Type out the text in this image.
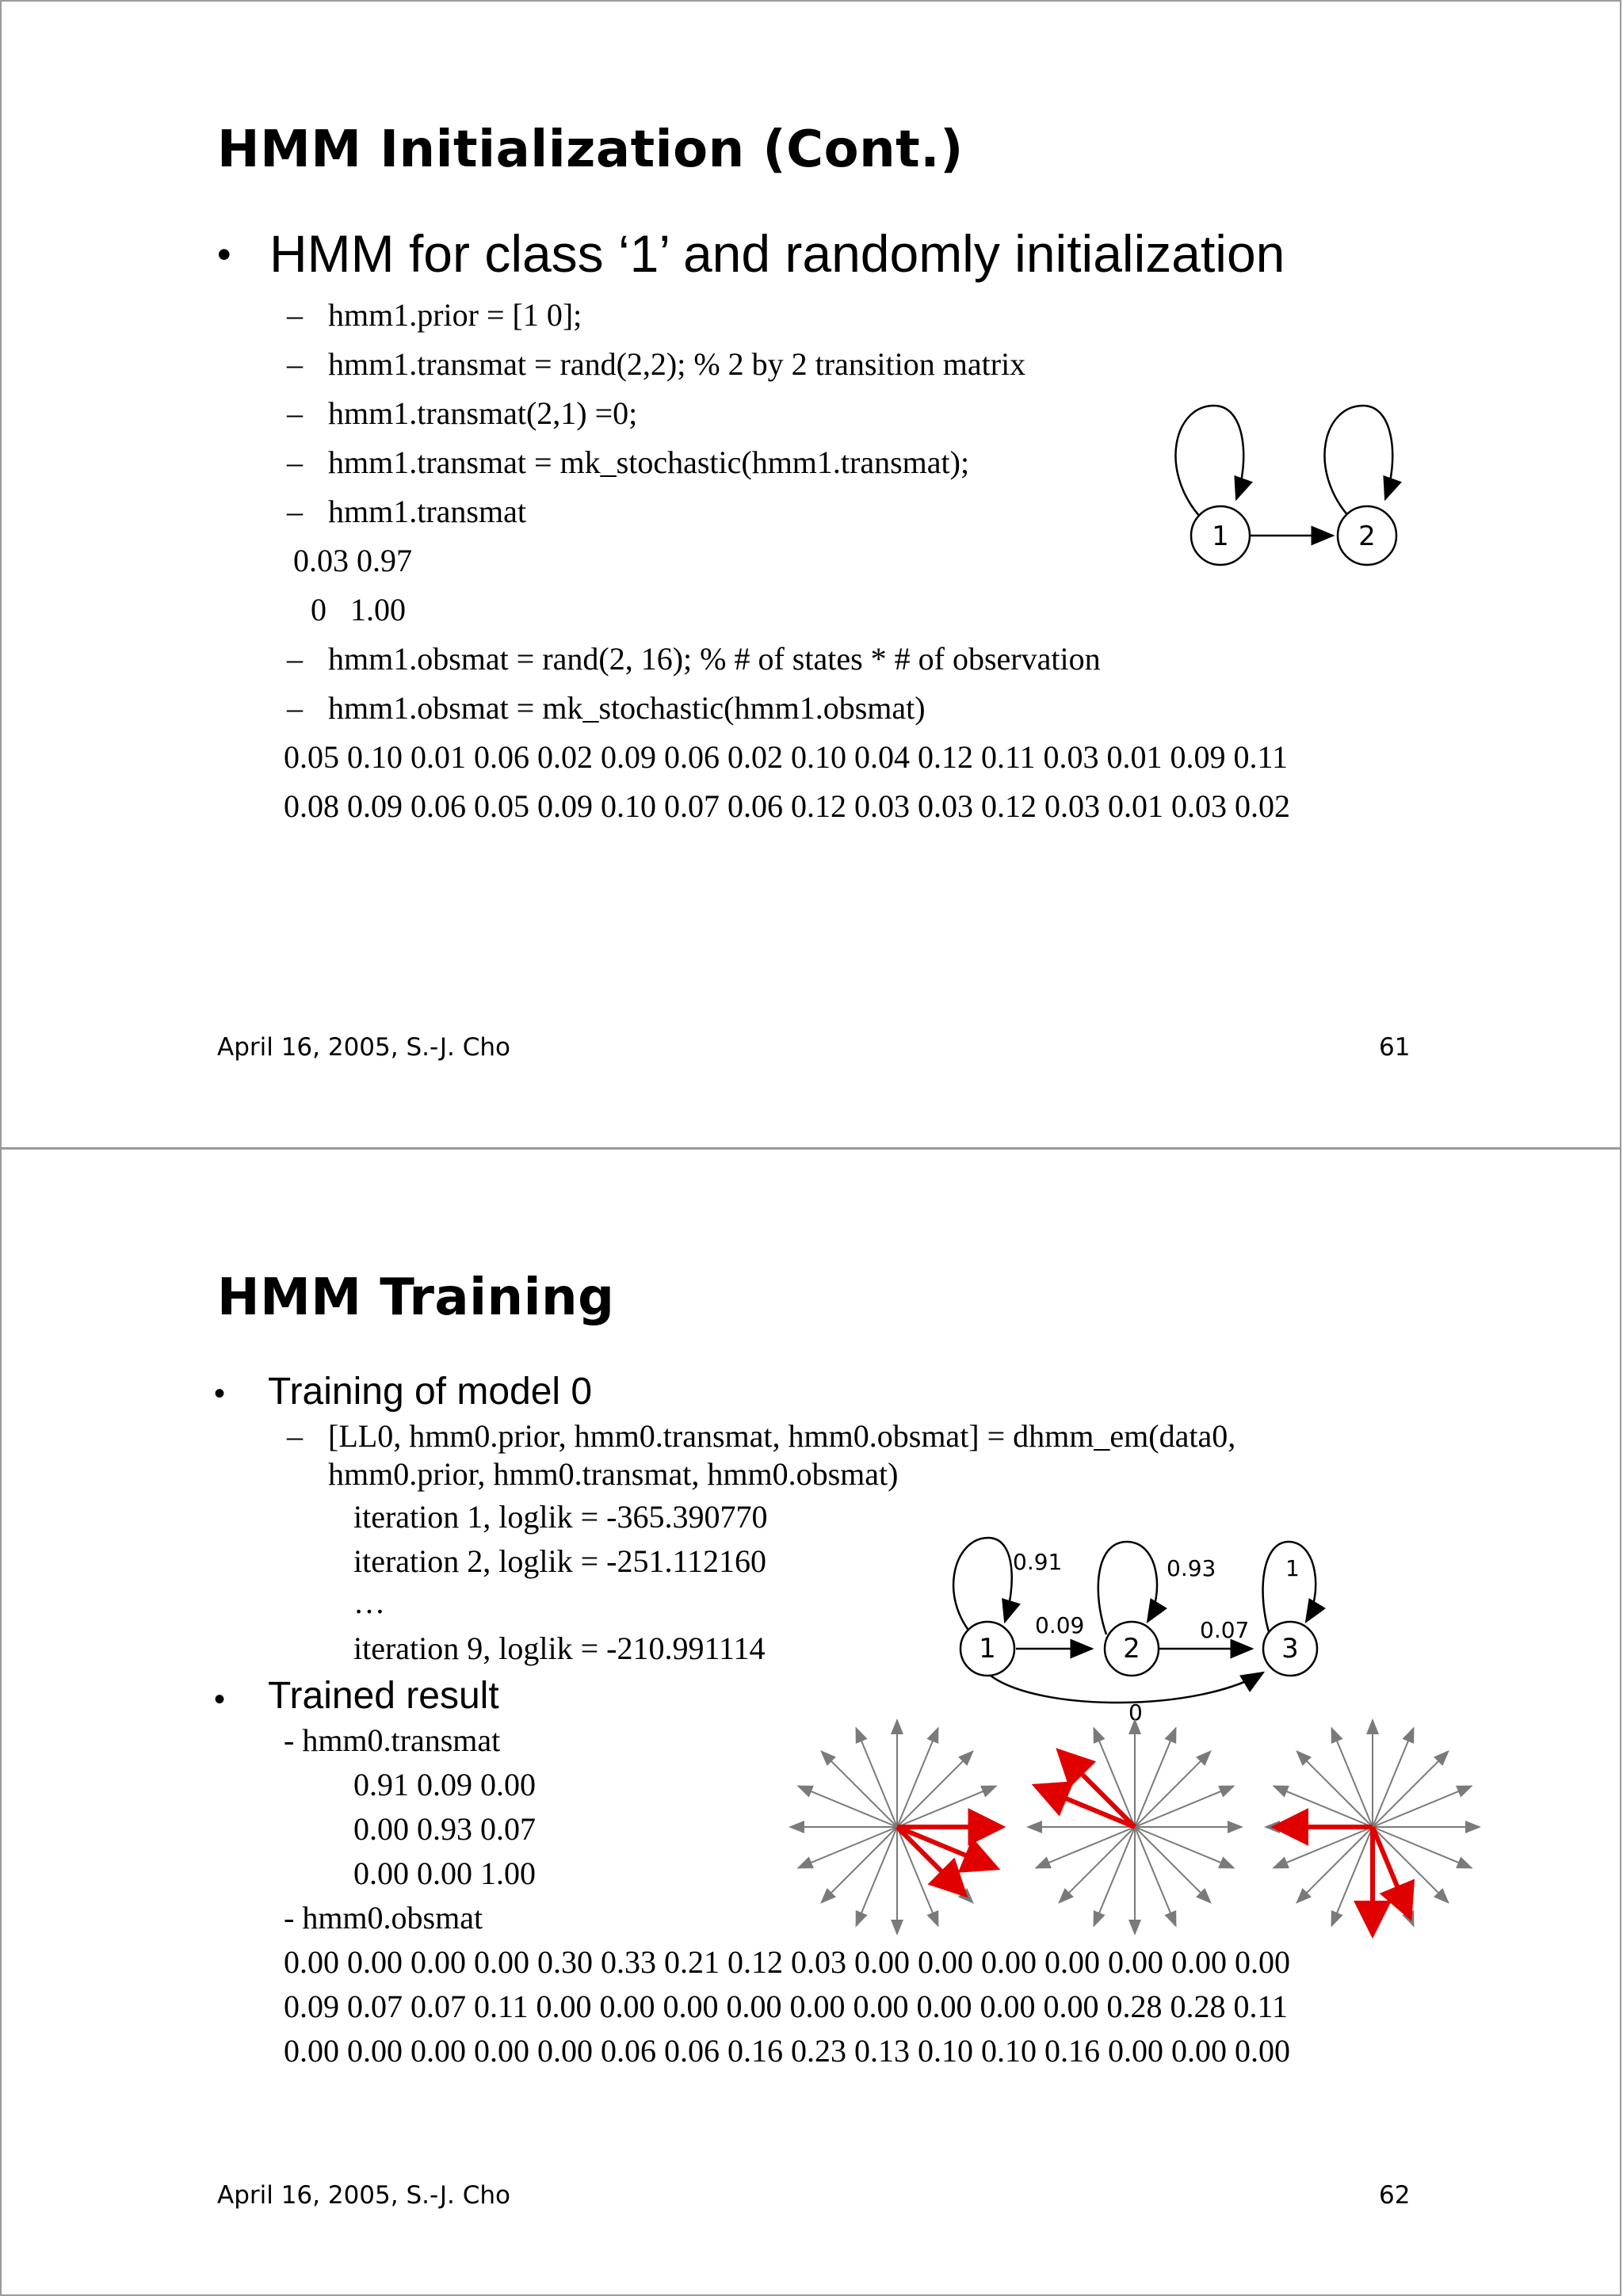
HMM Initialization (Cont.)
• HMM for class ‘1’ and randomly initialization
– hmm1.prior = [1 0];
– hmm1.transmat = rand(2,2); % 2 by 2 transition matrix
– hmm1.transmat(2,1) =0;
– hmm1.transmat = mk_stochastic(hmm1.transmat);
– hmm1.transmat
0.03 0.97
0   1.00
– hmm1.obsmat = rand(2, 16); % # of states * # of observation
– hmm1.obsmat = mk_stochastic(hmm1.obsmat)
0.05 0.10 0.01 0.06 0.02 0.09 0.06 0.02 0.10 0.04 0.12 0.11 0.03 0.01 0.09 0.11
0.08 0.09 0.06 0.05 0.09 0.10 0.07 0.06 0.12 0.03 0.03 0.12 0.03 0.01 0.03 0.02
1	2
April 16, 2005, S.-J. Cho	61
HMM Training
• Training of model 0
– [LL0, hmm0.prior, hmm0.transmat, hmm0.obsmat] = dhmm_em(data0,
hmm0.prior, hmm0.transmat, hmm0.obsmat)
iteration 1, loglik = -365.390770
iteration 2, loglik = -251.112160
…
iteration 9, loglik = -210.991114
• Trained result
- hmm0.transmat
0.91 0.09 0.00
0.00 0.93 0.07
0.00 0.00 1.00
- hmm0.obsmat
0.00 0.00 0.00 0.00 0.30 0.33 0.21 0.12 0.03 0.00 0.00 0.00 0.00 0.00 0.00 0.00
0.09 0.07 0.07 0.11 0.00 0.00 0.00 0.00 0.00 0.00 0.00 0.00 0.00 0.28 0.28 0.11
0.00 0.00 0.00 0.00 0.00 0.06 0.06 0.16 0.23 0.13 0.10 0.10 0.16 0.00 0.00 0.00
1	2	3
0.91	0.93	1
0.09	0.07
0
April 16, 2005, S.-J. Cho	62
